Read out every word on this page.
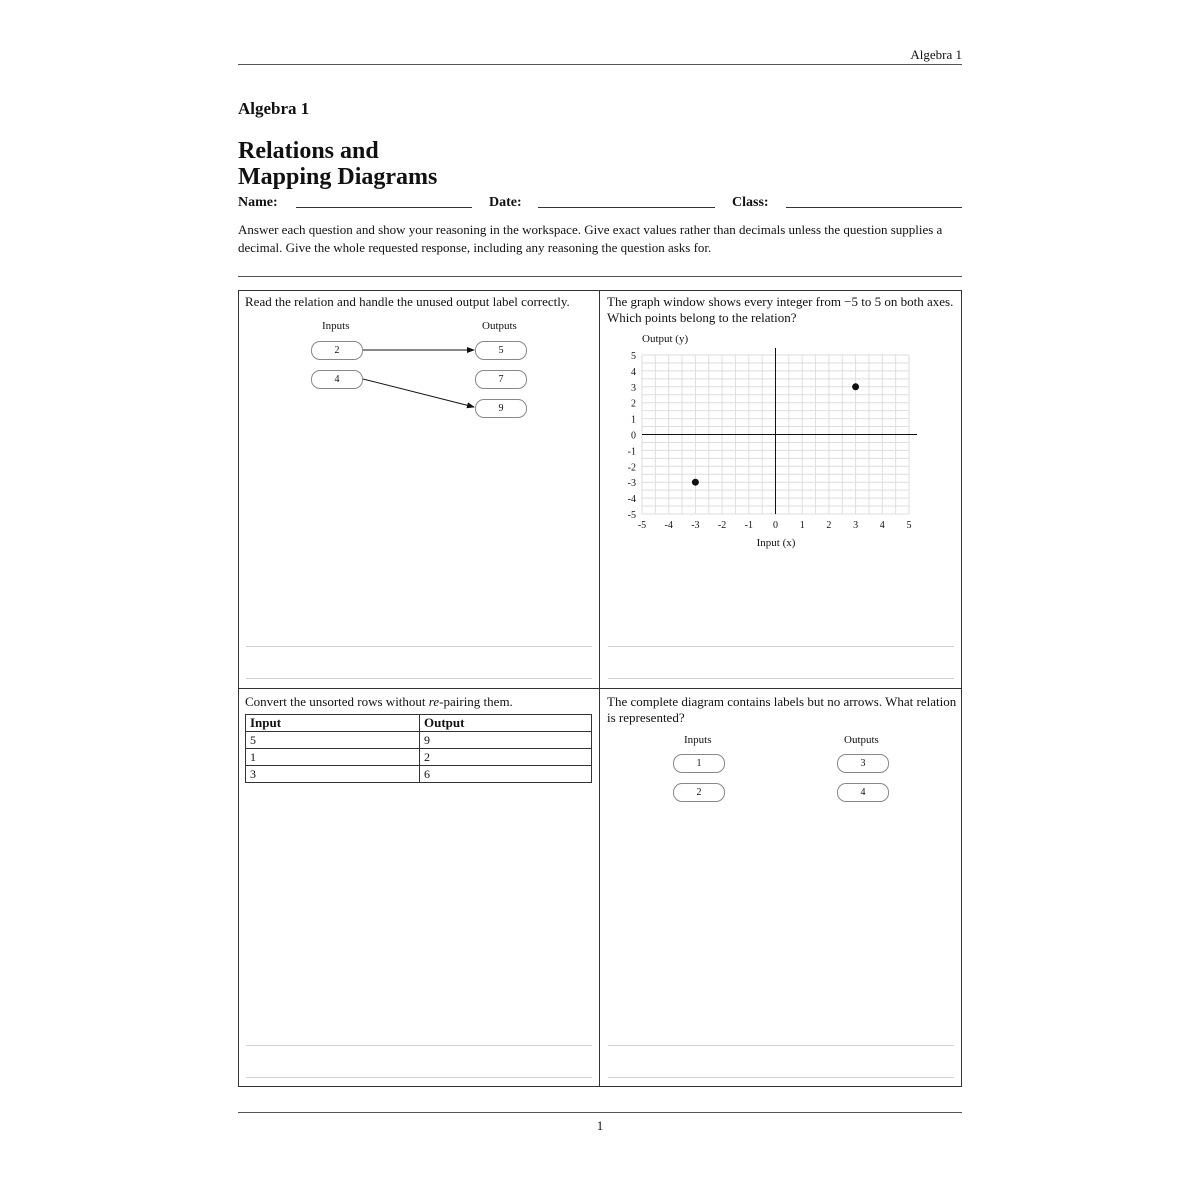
Algebra 1
Algebra 1
Relations and
Mapping Diagrams
Name:	Date:	Class:
Answer each question and show your reasoning in the workspace. Give exact values rather than decimals unless the question supplies a decimal. Give the whole requested response, including any reasoning the question asks for.
Read the relation and handle the unused output label correctly.
Inputs	Outputs
2
4
5
7
9
The graph window shows every integer from −5 to 5 on both axes. Which points belong to the relation?
Output (y)
-5 -4 -3 -2 -1 0 1 2 3 4 5
5
4
3
2
1
0
-1
-2
-3
-4
-5
Input (x)
Convert the unsorted rows without re-pairing them.
Input	Output
5	9
1	2
3	6
The complete diagram contains labels but no arrows. What relation is represented?
Inputs	Outputs
1
2
3
4
1
